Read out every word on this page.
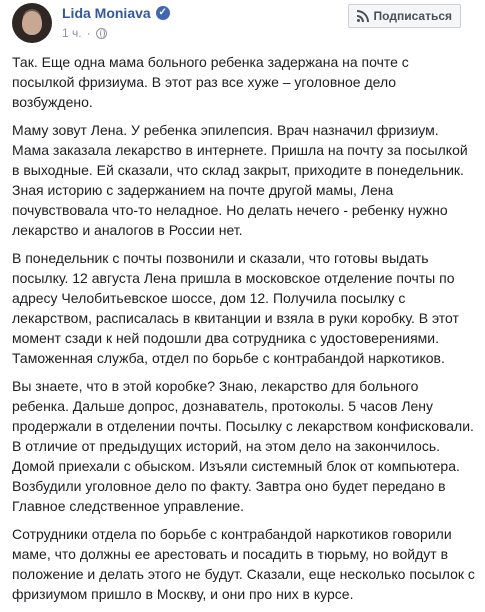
Lida Moniava ✓
1 ч. ·
Подписаться

Так. Еще одна мама больного ребенка задержана на почте с посылкой фризиума. В этот раз все хуже – уголовное дело возбуждено.

Маму зовут Лена. У ребенка эпилепсия. Врач назначил фризиум. Мама заказала лекарство в интернете. Пришла на почту за посылкой в выходные. Ей сказали, что склад закрыт, приходите в понедельник. Зная историю с задержанием на почте другой мамы, Лена почувствовала что-то неладное. Но делать нечего - ребенку нужно лекарство и аналогов в России нет.

В понедельник с почты позвонили и сказали, что готовы выдать посылку. 12 августа Лена пришла в московское отделение почты по адресу Челобитьевское шоссе, дом 12. Получила посылку с лекарством, расписалась в квитанции и взяла в руки коробку. В этот момент сзади к ней подошли два сотрудника с удостоверениями. Таможенная служба, отдел по борьбе с контрабандой наркотиков.

Вы знаете, что в этой коробке? Знаю, лекарство для больного ребенка. Дальше допрос, дознаватель, протоколы. 5 часов Лену продержали в отделении почты. Посылку с лекарством конфисковали. В отличие от предыдущих историй, на этом дело на закончилось. Домой приехали с обыском. Изъяли системный блок от компьютера. Возбудили уголовное дело по факту. Завтра оно будет передано в Главное следственное управление.

Сотрудники отдела по борьбе с контрабандой наркотиков говорили маме, что должны ее арестовать и посадить в тюрьму, но войдут в положение и делать этого не будут. Сказали, еще несколько посылок с фризиумом пришло в Москву, и они про них в курсе.
